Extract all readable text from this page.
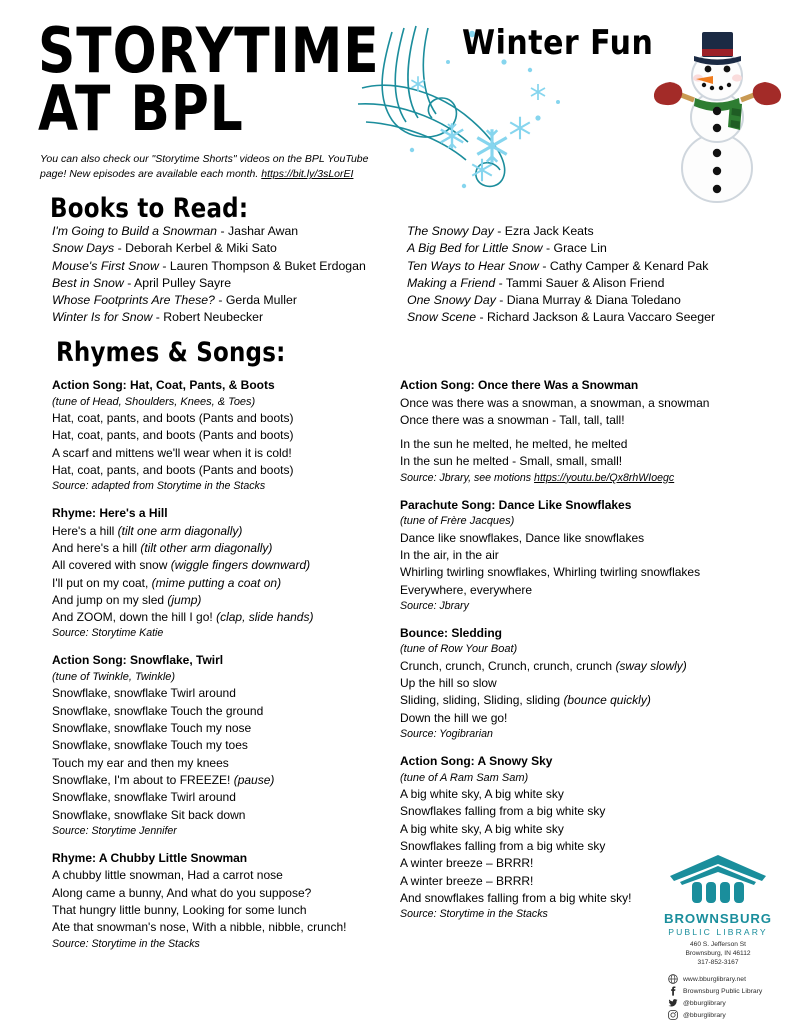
STORYTIME
AT BPL
Winter Fun
You can also check our "Storytime Shorts" videos on the BPL YouTube page! New episodes are available each month. https://bit.ly/3sLorEI
Books to Read:
I'm Going to Build a Snowman - Jashar Awan
Snow Days - Deborah Kerbel & Miki Sato
Mouse's First Snow - Lauren Thompson & Buket Erdogan
Best in Snow - April Pulley Sayre
Whose Footprints Are These? - Gerda Muller
Winter Is for Snow - Robert Neubecker
The Snowy Day - Ezra Jack Keats
A Big Bed for Little Snow - Grace Lin
Ten Ways to Hear Snow - Cathy Camper & Kenard Pak
Making a Friend - Tammi Sauer & Alison Friend
One Snowy Day - Diana Murray & Diana Toledano
Snow Scene - Richard Jackson & Laura Vaccaro Seeger
Rhymes & Songs:
Action Song: Hat, Coat, Pants, & Boots
(tune of Head, Shoulders, Knees, & Toes)
Hat, coat, pants, and boots (Pants and boots)
Hat, coat, pants, and boots (Pants and boots)
A scarf and mittens we'll wear when it is cold!
Hat, coat, pants, and boots (Pants and boots)
Source: adapted from Storytime in the Stacks
Rhyme: Here's a Hill
Here's a hill (tilt one arm diagonally)
And here's a hill (tilt other arm diagonally)
All covered with snow (wiggle fingers downward)
I'll put on my coat, (mime putting a coat on)
And jump on my sled (jump)
And ZOOM, down the hill I go! (clap, slide hands)
Source: Storytime Katie
Action Song: Snowflake, Twirl
(tune of Twinkle, Twinkle)
Snowflake, snowflake Twirl around
Snowflake, snowflake Touch the ground
Snowflake, snowflake Touch my nose
Snowflake, snowflake Touch my toes
Touch my ear and then my knees
Snowflake, I'm about to FREEZE! (pause)
Snowflake, snowflake Twirl around
Snowflake, snowflake Sit back down
Source: Storytime Jennifer
Rhyme: A Chubby Little Snowman
A chubby little snowman, Had a carrot nose
Along came a bunny, And what do you suppose?
That hungry little bunny, Looking for some lunch
Ate that snowman's nose, With a nibble, nibble, crunch!
Source: Storytime in the Stacks
Action Song: Once there Was a Snowman
Once was there was a snowman, a snowman, a snowman
Once there was a snowman - Tall, tall, tall!
In the sun he melted, he melted, he melted
In the sun he melted - Small, small, small!
Source: Jbrary, see motions https://youtu.be/Qx8rhWIoegc
Parachute Song: Dance Like Snowflakes
(tune of Frère Jacques)
Dance like snowflakes, Dance like snowflakes
In the air, in the air
Whirling twirling snowflakes, Whirling twirling snowflakes
Everywhere, everywhere
Source: Jbrary
Bounce: Sledding
(tune of Row Your Boat)
Crunch, crunch, Crunch, crunch, crunch (sway slowly)
Up the hill so slow
Sliding, sliding, Sliding, sliding (bounce quickly)
Down the hill we go!
Source: Yogibrarian
Action Song: A Snowy Sky
(tune of A Ram Sam Sam)
A big white sky, A big white sky
Snowflakes falling from a big white sky
A big white sky, A big white sky
Snowflakes falling from a big white sky
A winter breeze – BRRR!
A winter breeze – BRRR!
And snowflakes falling from a big white sky!
Source: Storytime in the Stacks	BROWNSBURG
PUBLIC LIBRARY
460 S. Jefferson St
Brownsburg, IN 46112
317-852-3167
www.bburglibrary.net
Brownsburg Public Library
@bburglibrary
@bburglibrary
